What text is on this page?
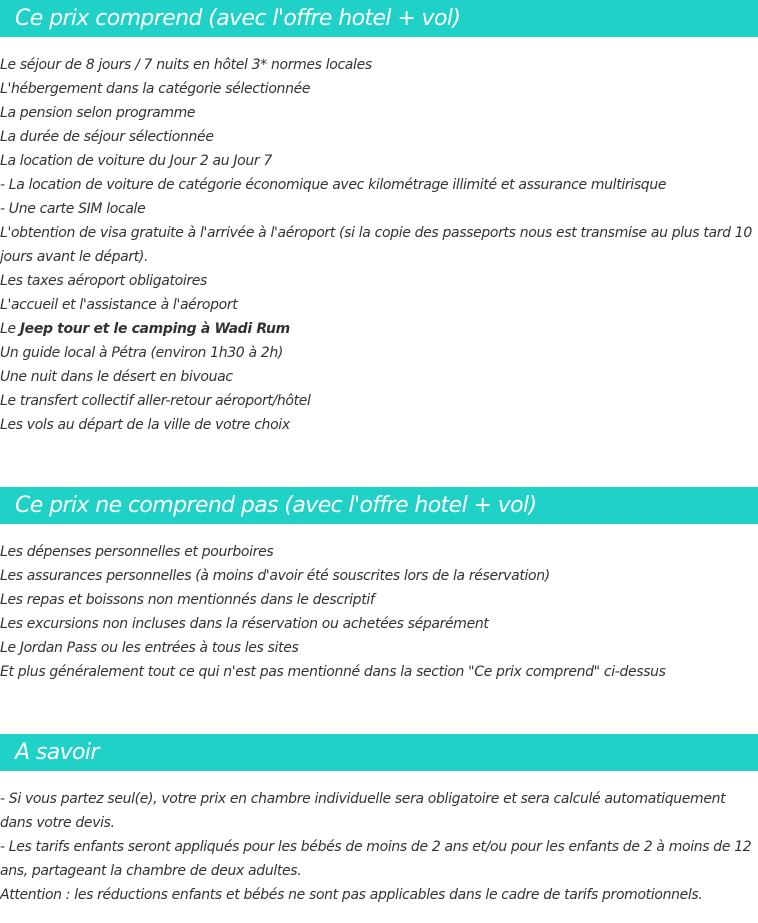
Ce prix comprend (avec l'offre hotel + vol)
Le séjour de 8 jours / 7 nuits en hôtel 3* normes locales
L'hébergement dans la catégorie sélectionnée
La pension selon programme
La durée de séjour sélectionnée
La location de voiture du Jour 2 au Jour 7
- La location de voiture de catégorie économique avec kilométrage illimité et assurance multirisque
- Une carte SIM locale
L'obtention de visa gratuite à l'arrivée à l'aéroport (si la copie des passeports nous est transmise au plus tard 10 jours avant le départ).
Les taxes aéroport obligatoires
L'accueil et l'assistance à l'aéroport
Le Jeep tour et le camping à Wadi Rum
Un guide local à Pétra (environ 1h30 à 2h)
Une nuit dans le désert en bivouac
Le transfert collectif aller-retour aéroport/hôtel
Les vols au départ de la ville de votre choix
Ce prix ne comprend pas (avec l'offre hotel + vol)
Les dépenses personnelles et pourboires
Les assurances personnelles (à moins d'avoir été souscrites lors de la réservation)
Les repas et boissons non mentionnés dans le descriptif
Les excursions non incluses dans la réservation ou achetées séparément
Le Jordan Pass ou les entrées à tous les sites
Et plus généralement tout ce qui n'est pas mentionné dans la section "Ce prix comprend" ci-dessus
A savoir
- Si vous partez seul(e), votre prix en chambre individuelle sera obligatoire et sera calculé automatiquement dans votre devis.
- Les tarifs enfants seront appliqués pour les bébés de moins de 2 ans et/ou pour les enfants de 2 à moins de 12 ans, partageant la chambre de deux adultes.
Attention : les réductions enfants et bébés ne sont pas applicables dans le cadre de tarifs promotionnels.
